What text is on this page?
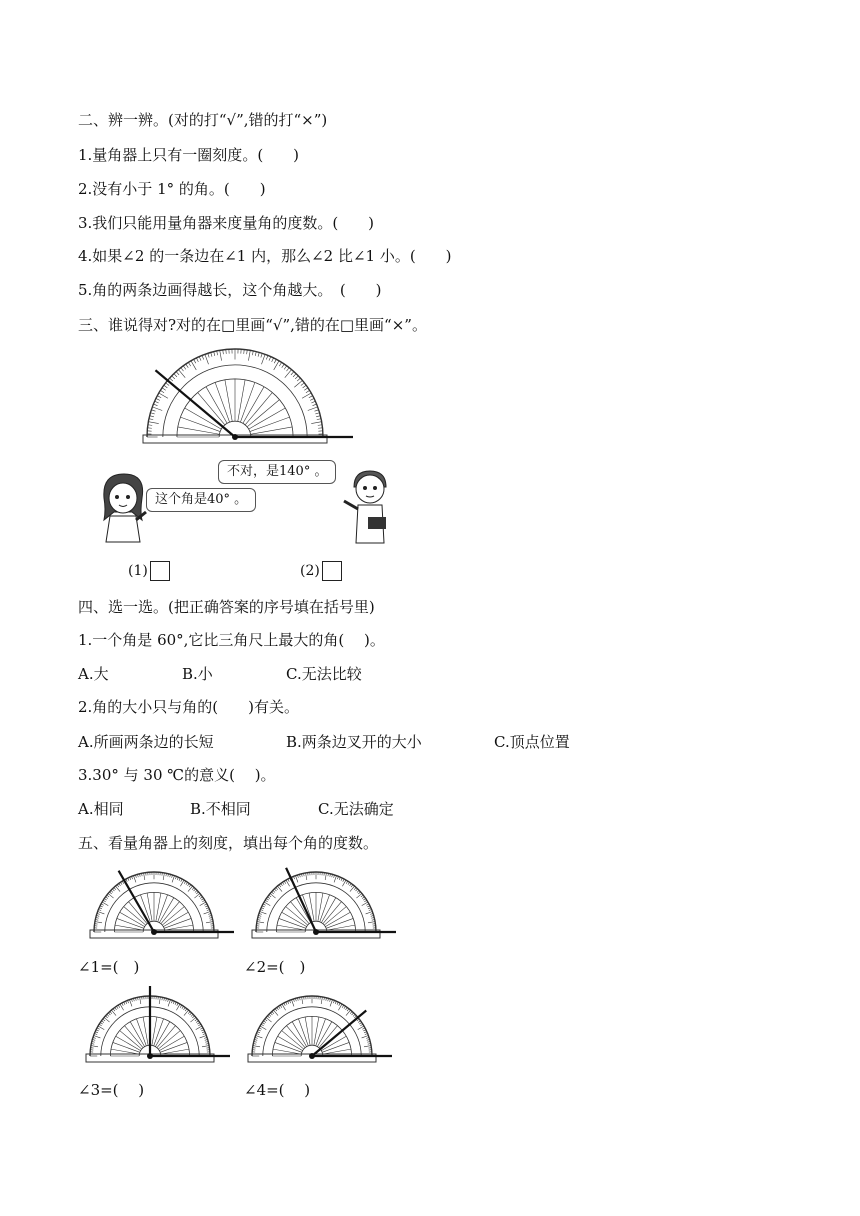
二、辨一辨。(对的打“√”,错的打“×”)
1.量角器上只有一圈刻度。(　　)
2.没有小于 1° 的角。(　　)
3.我们只能用量角器来度量角的度数。(　　)
4.如果∠2 的一条边在∠1 内，那么∠2 比∠1 小。(　　)
5.角的两条边画得越长，这个角越大。　(　　)
三、谁说得对?对的在□里画“√”,错的在□里画“×”。
这个角是40° 。
不对，是140° 。
(1)	(2)
四、选一选。(把正确答案的序号填在括号里)
1.一个角是 60°,它比三角尺上最大的角(　 )。
A.大	B.小	C.无法比较
2.角的大小只与角的(　　)有关。
A.所画两条边的长短	B.两条边叉开的大小	C.顶点位置
3.30° 与 30 ℃的意义(　 )。
A.相同	B.不相同	C.无法确定
五、看量角器上的刻度，填出每个角的度数。
∠1=(　)	∠2=(　)
∠3=(　 )	∠4=(　 )
